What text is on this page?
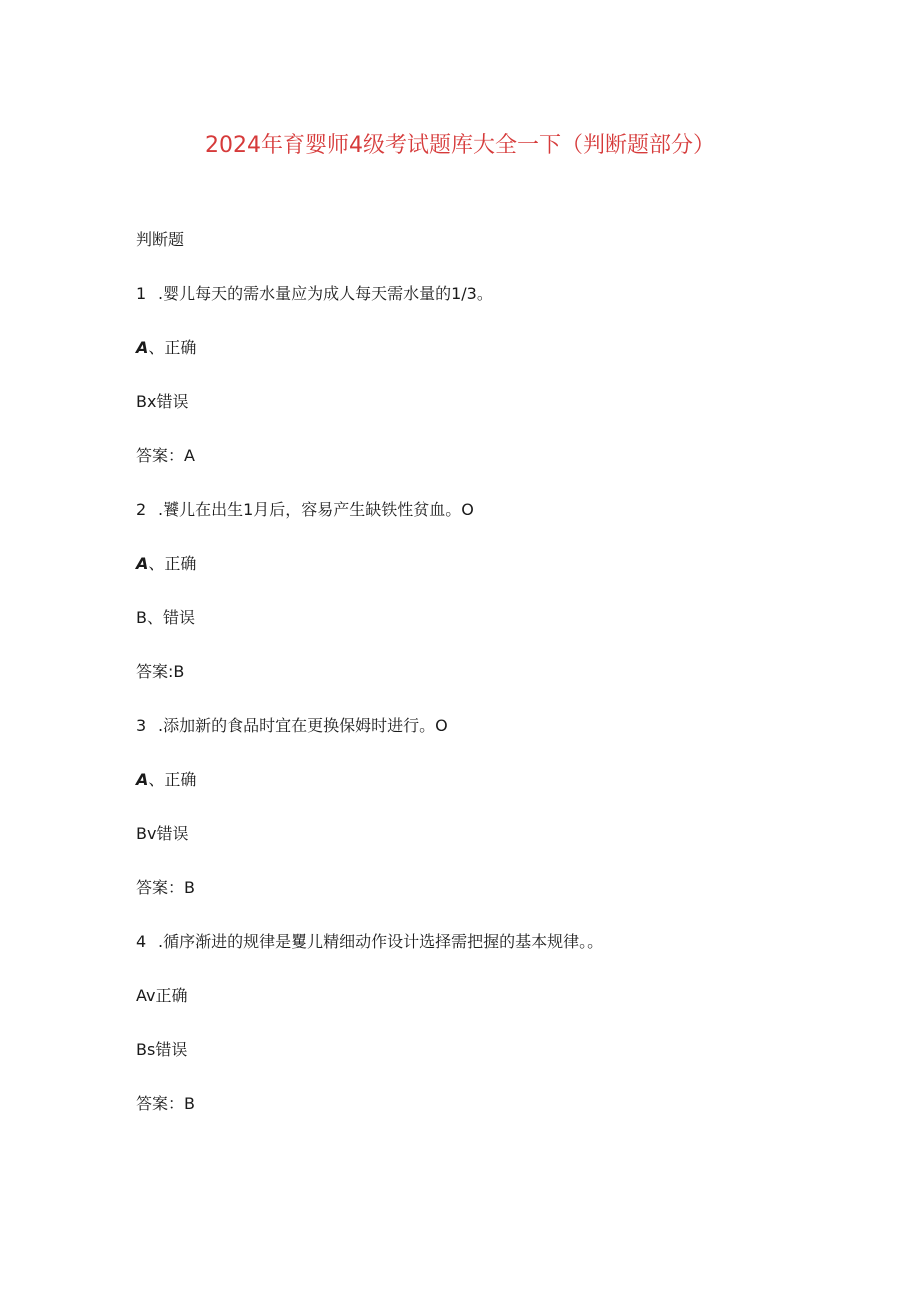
2024年育婴师4级考试题库大全一下（判断题部分）
判断题
1 .婴儿每天的需水量应为成人每天需水量的1/3。
A、正确
Bx错误
答案：A
2 .饕儿在出生1月后，容易产生缺铁性贫血。O
A、正确
B、错误
答案:B
3 .添加新的食品时宜在更换保姆时进行。O
A、正确
Bv错误
答案：B
4 .循序渐进的规律是矍儿精细动作设计选择需把握的基本规律。。
Av正确
Bs错误
答案：B
